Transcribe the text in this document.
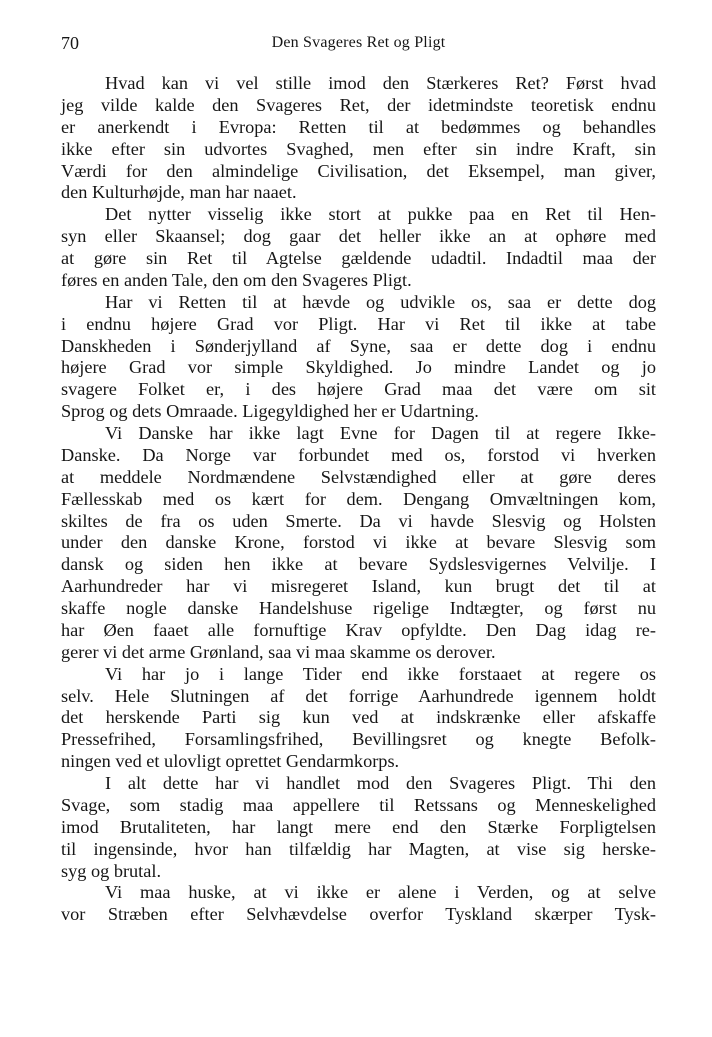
70	Den Svageres Ret og Pligt
Hvad kan vi vel stille imod den Stærkeres Ret? Først hvad
jeg vilde kalde den Svageres Ret, der idetmindste teoretisk endnu
er anerkendt i Evropa: Retten til at bedømmes og behandles
ikke efter sin udvortes Svaghed, men efter sin indre Kraft, sin
Værdi for den almindelige Civilisation, det Eksempel, man giver,
den Kulturhøjde, man har naaet.
Det nytter visselig ikke stort at pukke paa en Ret til Hen-
syn eller Skaansel; dog gaar det heller ikke an at ophøre med
at gøre sin Ret til Agtelse gældende udadtil. Indadtil maa der
føres en anden Tale, den om den Svageres Pligt.
Har vi Retten til at hævde og udvikle os, saa er dette dog
i endnu højere Grad vor Pligt. Har vi Ret til ikke at tabe
Danskheden i Sønderjylland af Syne, saa er dette dog i endnu
højere Grad vor simple Skyldighed. Jo mindre Landet og jo
svagere Folket er, i des højere Grad maa det være om sit
Sprog og dets Omraade. Ligegyldighed her er Udartning.
Vi Danske har ikke lagt Evne for Dagen til at regere Ikke-
Danske. Da Norge var forbundet med os, forstod vi hverken
at meddele Nordmændene Selvstændighed eller at gøre deres
Fællesskab med os kært for dem. Dengang Omvæltningen kom,
skiltes de fra os uden Smerte. Da vi havde Slesvig og Holsten
under den danske Krone, forstod vi ikke at bevare Slesvig som
dansk og siden hen ikke at bevare Sydslesvigernes Velvilje. I
Aarhundreder har vi misregeret Island, kun brugt det til at
skaffe nogle danske Handelshuse rigelige Indtægter, og først nu
har Øen faaet alle fornuftige Krav opfyldte. Den Dag idag re-
gerer vi det arme Grønland, saa vi maa skamme os derover.
Vi har jo i lange Tider end ikke forstaaet at regere os
selv. Hele Slutningen af det forrige Aarhundrede igennem holdt
det herskende Parti sig kun ved at indskrænke eller afskaffe
Pressefrihed, Forsamlingsfrihed, Bevillingsret og knegte Befolk-
ningen ved et ulovligt oprettet Gendarmkorps.
I alt dette har vi handlet mod den Svageres Pligt. Thi den
Svage, som stadig maa appellere til Retssans og Menneskelighed
imod Brutaliteten, har langt mere end den Stærke Forpligtelsen
til ingensinde, hvor han tilfældig har Magten, at vise sig herske-
syg og brutal.
Vi maa huske, at vi ikke er alene i Verden, og at selve
vor Stræben efter Selvhævdelse overfor Tyskland skærper Tysk-
